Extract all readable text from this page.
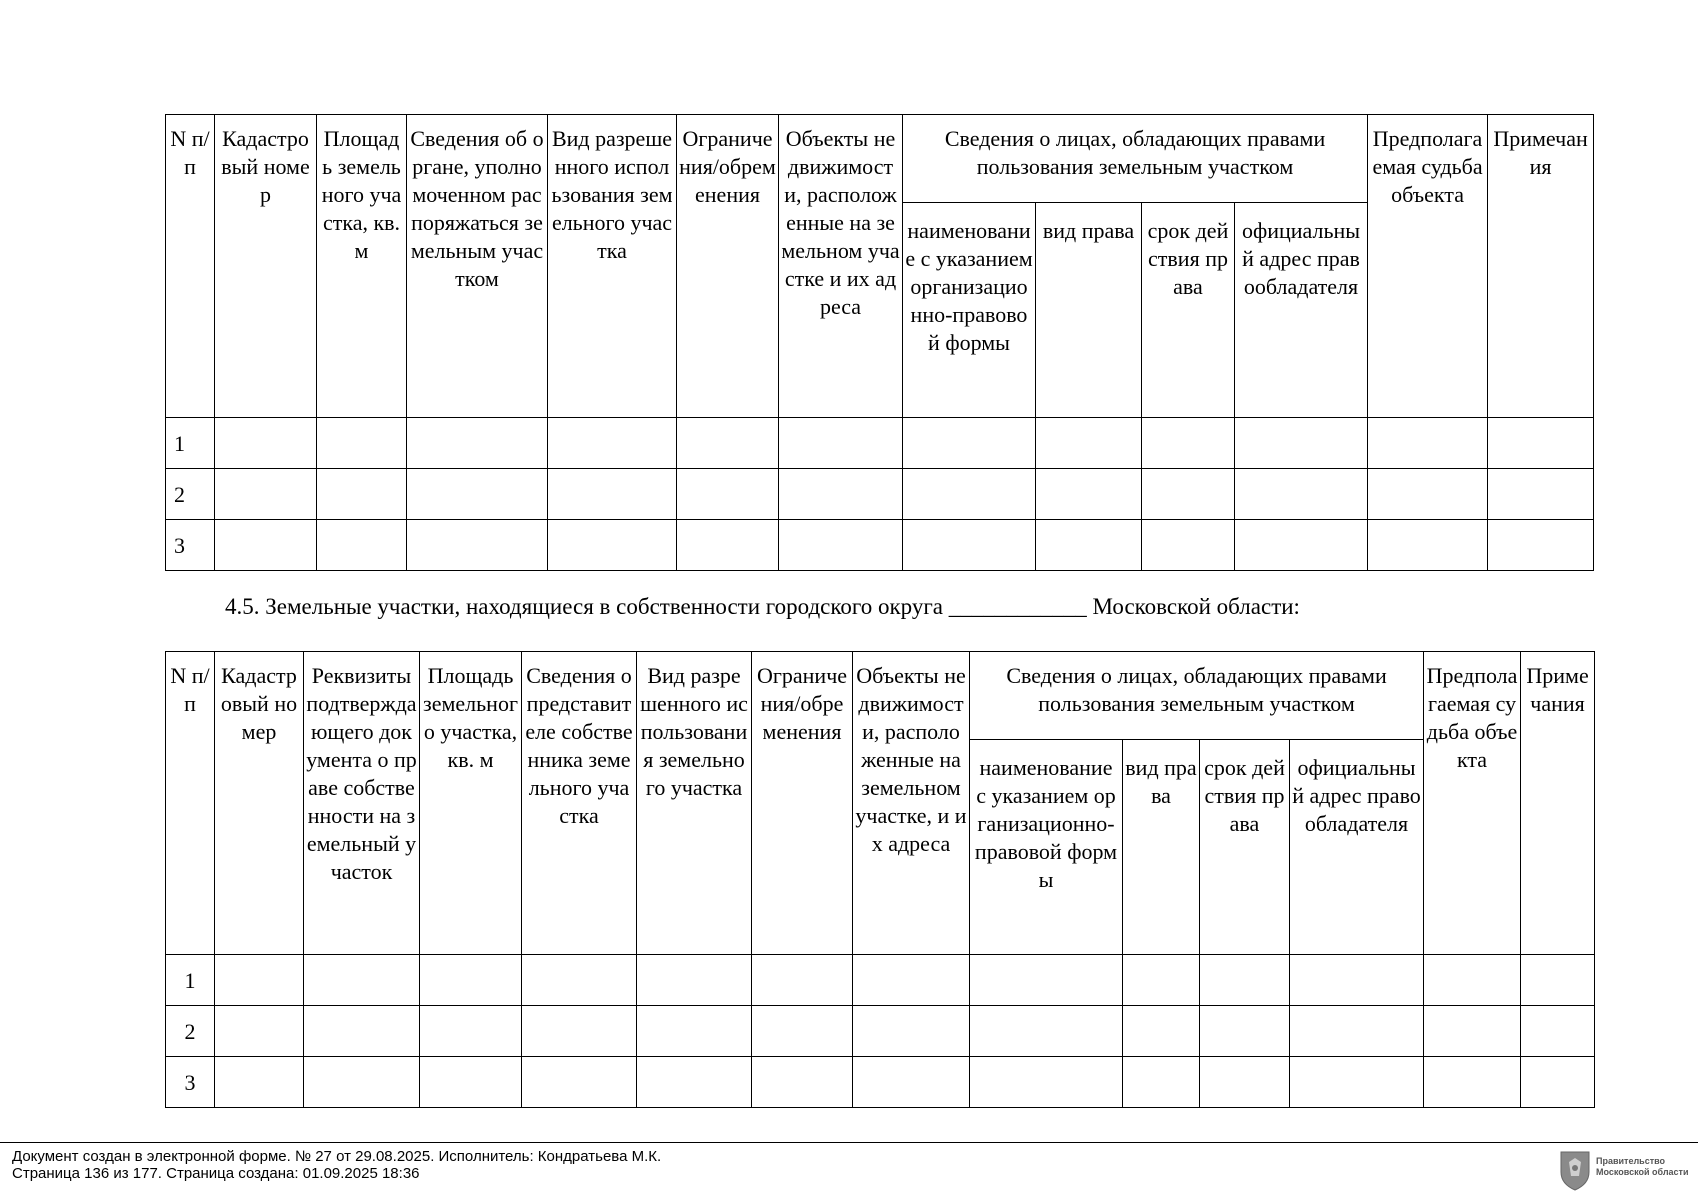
N п/п	Кадастровый номер	Площадь земельного участка, кв. м	Сведения об органе, уполномоченном распоряжаться земельным участком	Вид разрешенного использования земельного участка	Ограничения/обременения	Объекты недвижимости, расположенные на земельном участке и их адреса	Сведения о лицах, обладающих правами пользования земельным участком				Предполагаемая судьба объекта	Примечания
							наименование с указанием организационно-правовой формы	вид права	срок действия права	официальный адрес правообладателя		
1												
2												
3												
4.5. Земельные участки, находящиеся в собственности городского округа ____________ Московской области:
N п/п	Кадастровый номер	Реквизиты подтверждающего документа о праве собственности на земельный участок	Площадь земельного участка, кв. м	Сведения о представителе собственника земельного участка	Вид разрешенного использования земельного участка	Ограничения/обременения	Объекты недвижимости, расположенные на земельном участке, и их адреса	Сведения о лицах, обладающих правами пользования земельным участком				Предполагаемая судьба объекта	Примечания
								наименование с указанием организационно-правовой формы	вид права	срок действия права	официальный адрес правообладателя		
1													
2													
3													
Документ создан в электронной форме. № 27 от 29.08.2025. Исполнитель: Кондратьева М.К.
Страница 136 из 177. Страница создана: 01.09.2025 18:36
Правительство Московской области
